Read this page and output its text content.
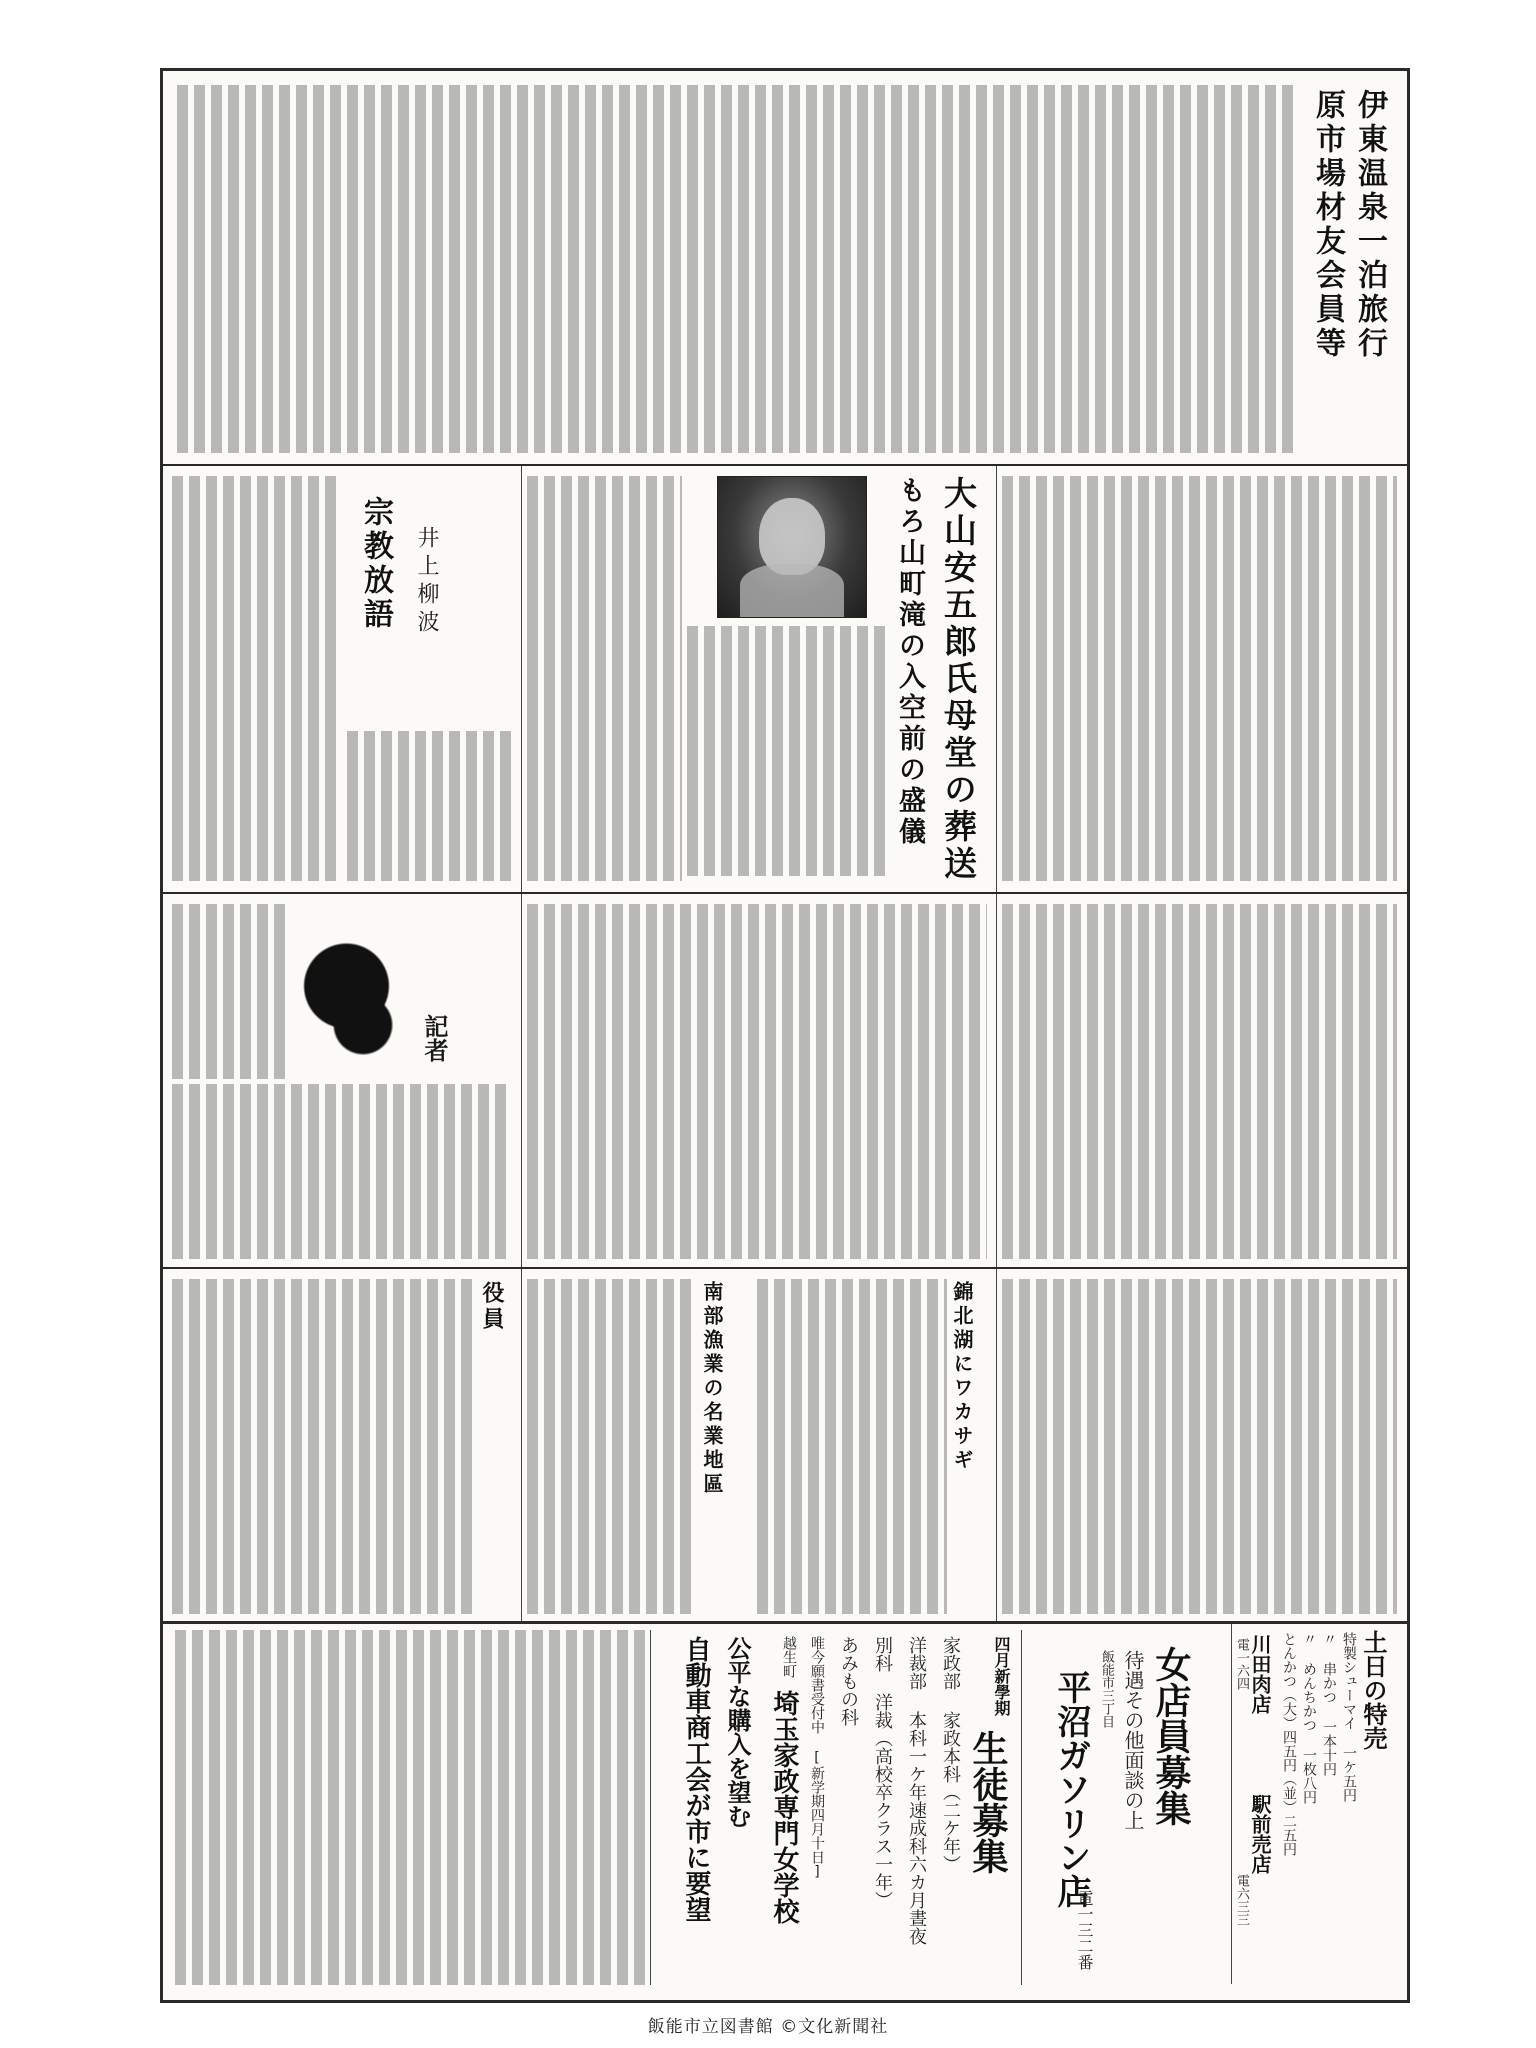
原市場材友会員等 伊東温泉一泊旅行

もろ山町滝の入空前の盛儀 大山安五郎氏母堂の葬送
宗教放語 井上柳波
記者
錦北湖にワカサギ
南部漁業の名業地區
役員
土日の特売
特製シューマイ 一ケ五円
〃 串かつ 一本十円
〃 めんちかつ 一枚八円
とんかつ（大）四五円（並）二五円
川田肉店
電一六四
駅前売店
電六三三
女店員募集
待遇その他面談の上
飯能市三丁目
平沼ガソリン店
電一三二番
四月新學期
生徒募集
家政部 家政本科（二ケ年）
洋裁部 本科一ケ年速成科六カ月晝夜
別科 洋裁（高校卒クラス一年）
あみもの科
唯今願書受付中 [新学期四月十日]
越生町
埼玉家政専門女学校
公平な購入を望む
自動車商工会が市に要望
飯能市立図書館 ©文化新聞社
